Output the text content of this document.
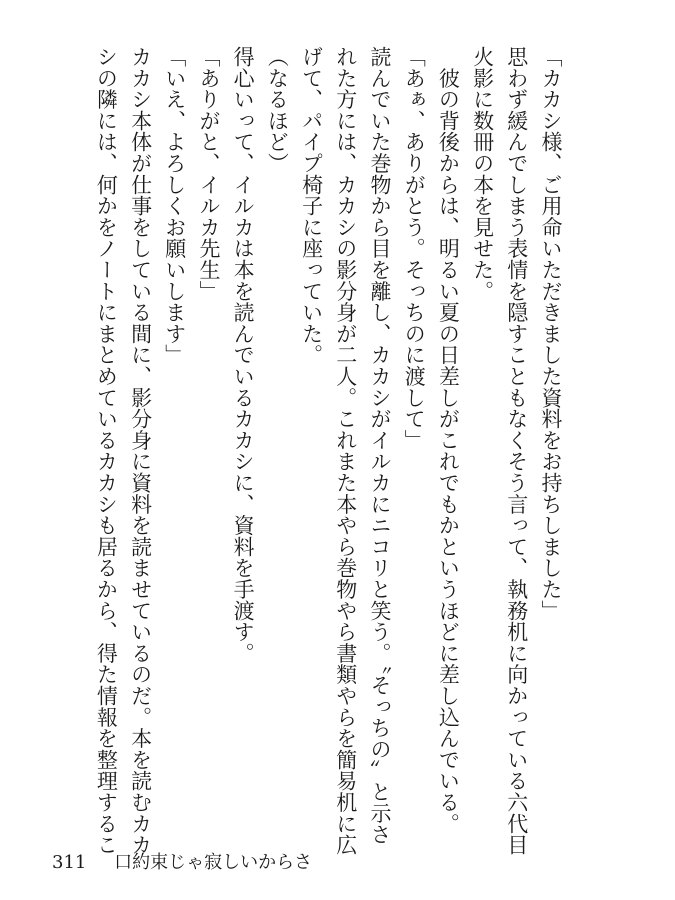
「カカシ様、ご用命いただきました資料をお持ちしました」
思わず緩んでしまう表情を隠すこともなくそう言って、執務机に向かっている六代目
火影に数冊の本を見せた。
　彼の背後からは、明るい夏の日差しがこれでもかというほどに差し込んでいる。
「あぁ、ありがとう。そっちのに渡して」
読んでいた巻物から目を離し、カカシがイルカにニコリと笑う。〝そっちの〟と示さ
れた方には、カカシの影分身が二人。これまた本やら巻物やら書類やらを簡易机に広
げて、パイプ椅子に座っていた。
（なるほど）
得心いって、イルカは本を読んでいるカカシに、資料を手渡す。
「ありがと、イルカ先生」
「いえ、よろしくお願いします」
カカシ本体が仕事をしている間に、影分身に資料を読ませているのだ。本を読むカカ
シの隣には、何かをノートにまとめているカカシも居るから、得た情報を整理するこ
311 口約束じゃ寂しいからさ
